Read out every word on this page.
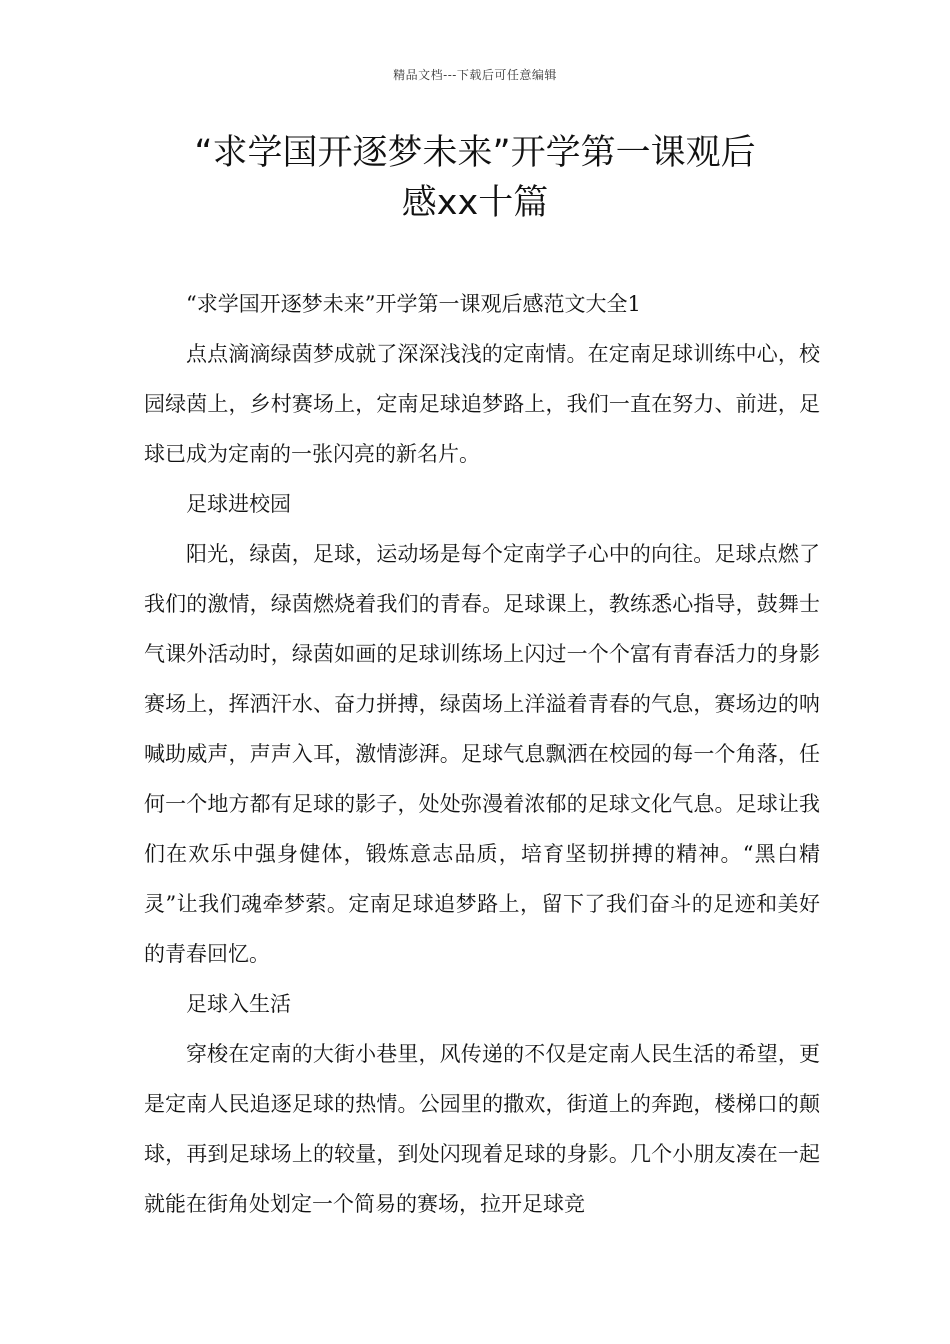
精品文档---下载后可任意编辑
“求学国开逐梦未来”开学第一课观后
感xx十篇

“求学国开逐梦未来”开学第一课观后感范文大全1

点点滴滴绿茵梦成就了深深浅浅的定南情。在定南足球训练中心，校园绿茵上，乡村赛场上，定南足球追梦路上，我们一直在努力、前进，足球已成为定南的一张闪亮的新名片。

足球进校园

阳光，绿茵，足球，运动场是每个定南学子心中的向往。足球点燃了我们的激情，绿茵燃烧着我们的青春。足球课上，教练悉心指导，鼓舞士气课外活动时，绿茵如画的足球训练场上闪过一个个富有青春活力的身影赛场上，挥洒汗水、奋力拼搏，绿茵场上洋溢着青春的气息，赛场边的呐喊助威声，声声入耳，激情澎湃。足球气息飘洒在校园的每一个角落，任何一个地方都有足球的影子，处处弥漫着浓郁的足球文化气息。足球让我们在欢乐中强身健体，锻炼意志品质，培育坚韧拼搏的精神。“黑白精灵”让我们魂牵梦萦。定南足球追梦路上，留下了我们奋斗的足迹和美好的青春回忆。

足球入生活

穿梭在定南的大街小巷里，风传递的不仅是定南人民生活的希望，更是定南人民追逐足球的热情。公园里的撒欢，街道上的奔跑，楼梯口的颠球，再到足球场上的较量，到处闪现着足球的身影。几个小朋友凑在一起就能在街角处划定一个简易的赛场，拉开足球竞
